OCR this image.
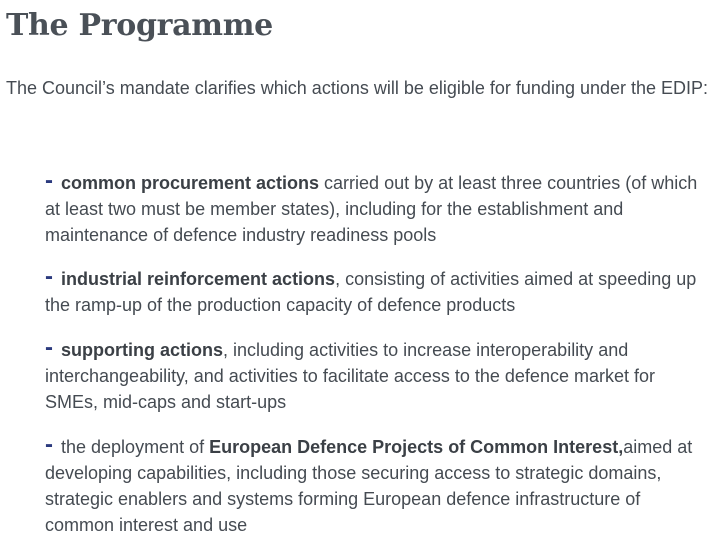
The Programme

The Council’s mandate clarifies which actions will be eligible for funding under the EDIP:

- common procurement actions carried out by at least three countries (of which at least two must be member states), including for the establishment and maintenance of defence industry readiness pools
- industrial reinforcement actions, consisting of activities aimed at speeding up the ramp-up of the production capacity of defence products
- supporting actions, including activities to increase interoperability and interchangeability, and activities to facilitate access to the defence market for SMEs, mid-caps and start-ups
- the deployment of European Defence Projects of Common Interest,aimed at developing capabilities, including those securing access to strategic domains, strategic enablers and systems forming European defence infrastructure of common interest and use
